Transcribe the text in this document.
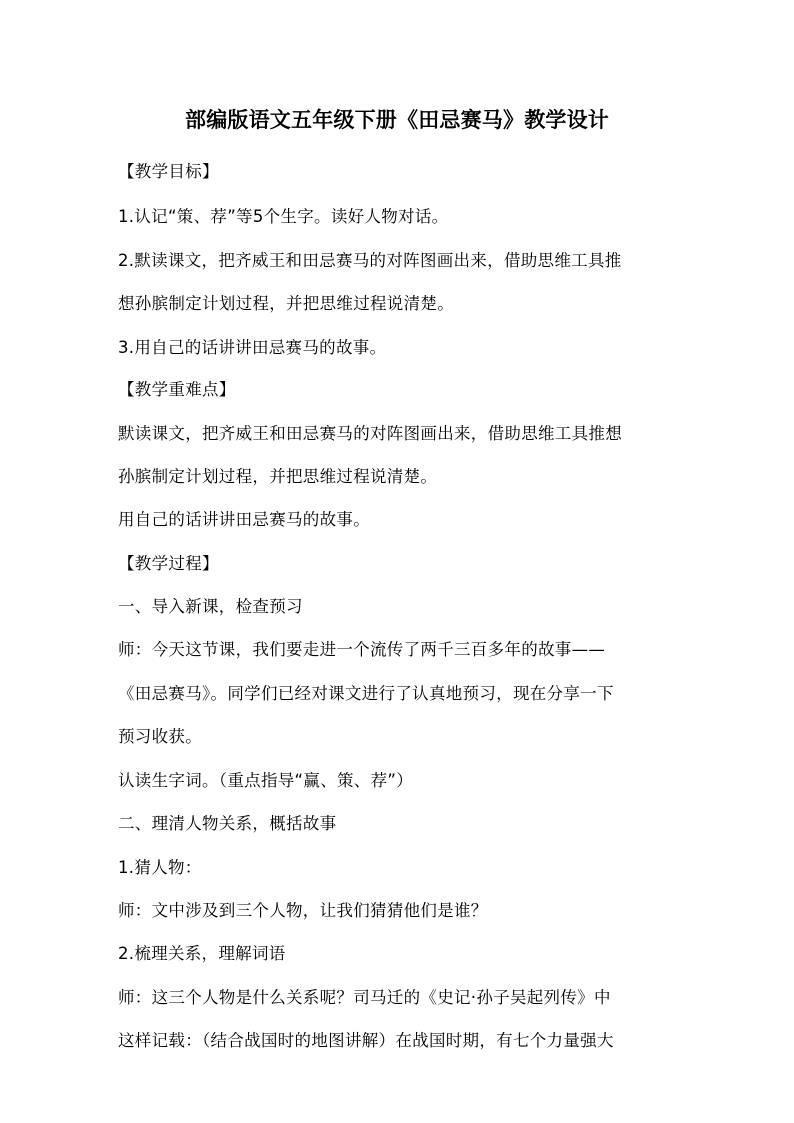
部编版语文五年级下册《田忌赛马》教学设计
【教学目标】
1.认记“策、荐”等5个生字。读好人物对话。
2.默读课文，把齐威王和田忌赛马的对阵图画出来，借助思维工具推
想孙膑制定计划过程，并把思维过程说清楚。
3.用自己的话讲讲田忌赛马的故事。
【教学重难点】
默读课文，把齐威王和田忌赛马的对阵图画出来，借助思维工具推想
孙膑制定计划过程，并把思维过程说清楚。
用自己的话讲讲田忌赛马的故事。
【教学过程】
一、导入新课，检查预习
师：今天这节课，我们要走进一个流传了两千三百多年的故事——
《田忌赛马》。同学们已经对课文进行了认真地预习，现在分享一下
预习收获。
认读生字词。（重点指导“赢、策、荐”）
二、理清人物关系，概括故事
1.猜人物：
师：文中涉及到三个人物，让我们猜猜他们是谁？
2.梳理关系，理解词语
师：这三个人物是什么关系呢？司马迁的《史记·孙子吴起列传》中
这样记载：（结合战国时的地图讲解）在战国时期，有七个力量强大
